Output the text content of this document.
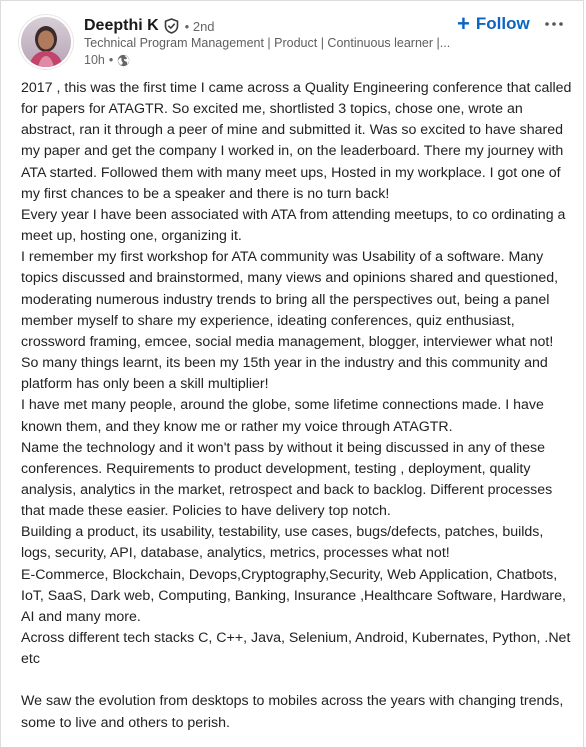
Deepthi K • 2nd
Technical Program Management | Product | Continuous learner |...
10h •
+ Follow

2017 , this was the first time I came across a Quality Engineering conference that called for papers for ATAGTR. So excited me, shortlisted 3 topics, chose one, wrote an abstract, ran it through a peer of mine and submitted it. Was so excited to have shared my paper and get the company I worked in, on the leaderboard. There my journey with ATA started. Followed them with many meet ups, Hosted in my workplace. I got one of my first chances to be a speaker and there is no turn back!

Every year I have been associated with ATA from attending meetups, to co ordinating a meet up, hosting one, organizing it.

I remember my first workshop for ATA community was Usability of a software. Many topics discussed and brainstormed, many views and opinions shared and questioned, moderating numerous industry trends to bring all the perspectives out, being a panel member myself to share my experience, ideating conferences, quiz enthusiast, crossword framing, emcee, social media management, blogger, interviewer what not!

So many things learnt, its been my 15th year in the industry and this community and platform has only been a skill multiplier!

I have met many people, around the globe, some lifetime connections made. I have known them, and they know me or rather my voice through ATAGTR.

Name the technology and it won't pass by without it being discussed in any of these conferences. Requirements to product development, testing , deployment, quality analysis, analytics in the market, retrospect and back to backlog. Different processes that made these easier. Policies to have delivery top notch.

Building a product, its usability, testability, use cases, bugs/defects, patches, builds, logs, security, API, database, analytics, metrics, processes what not!

E-Commerce, Blockchain, Devops,Cryptography,Security, Web Application, Chatbots, IoT, SaaS, Dark web, Computing, Banking, Insurance ,Healthcare Software, Hardware, AI and many more.

Across different tech stacks C, C++, Java, Selenium, Android, Kubernates, Python, .Net etc

We saw the evolution from desktops to mobiles across the years with changing trends, some to live and others to perish.
